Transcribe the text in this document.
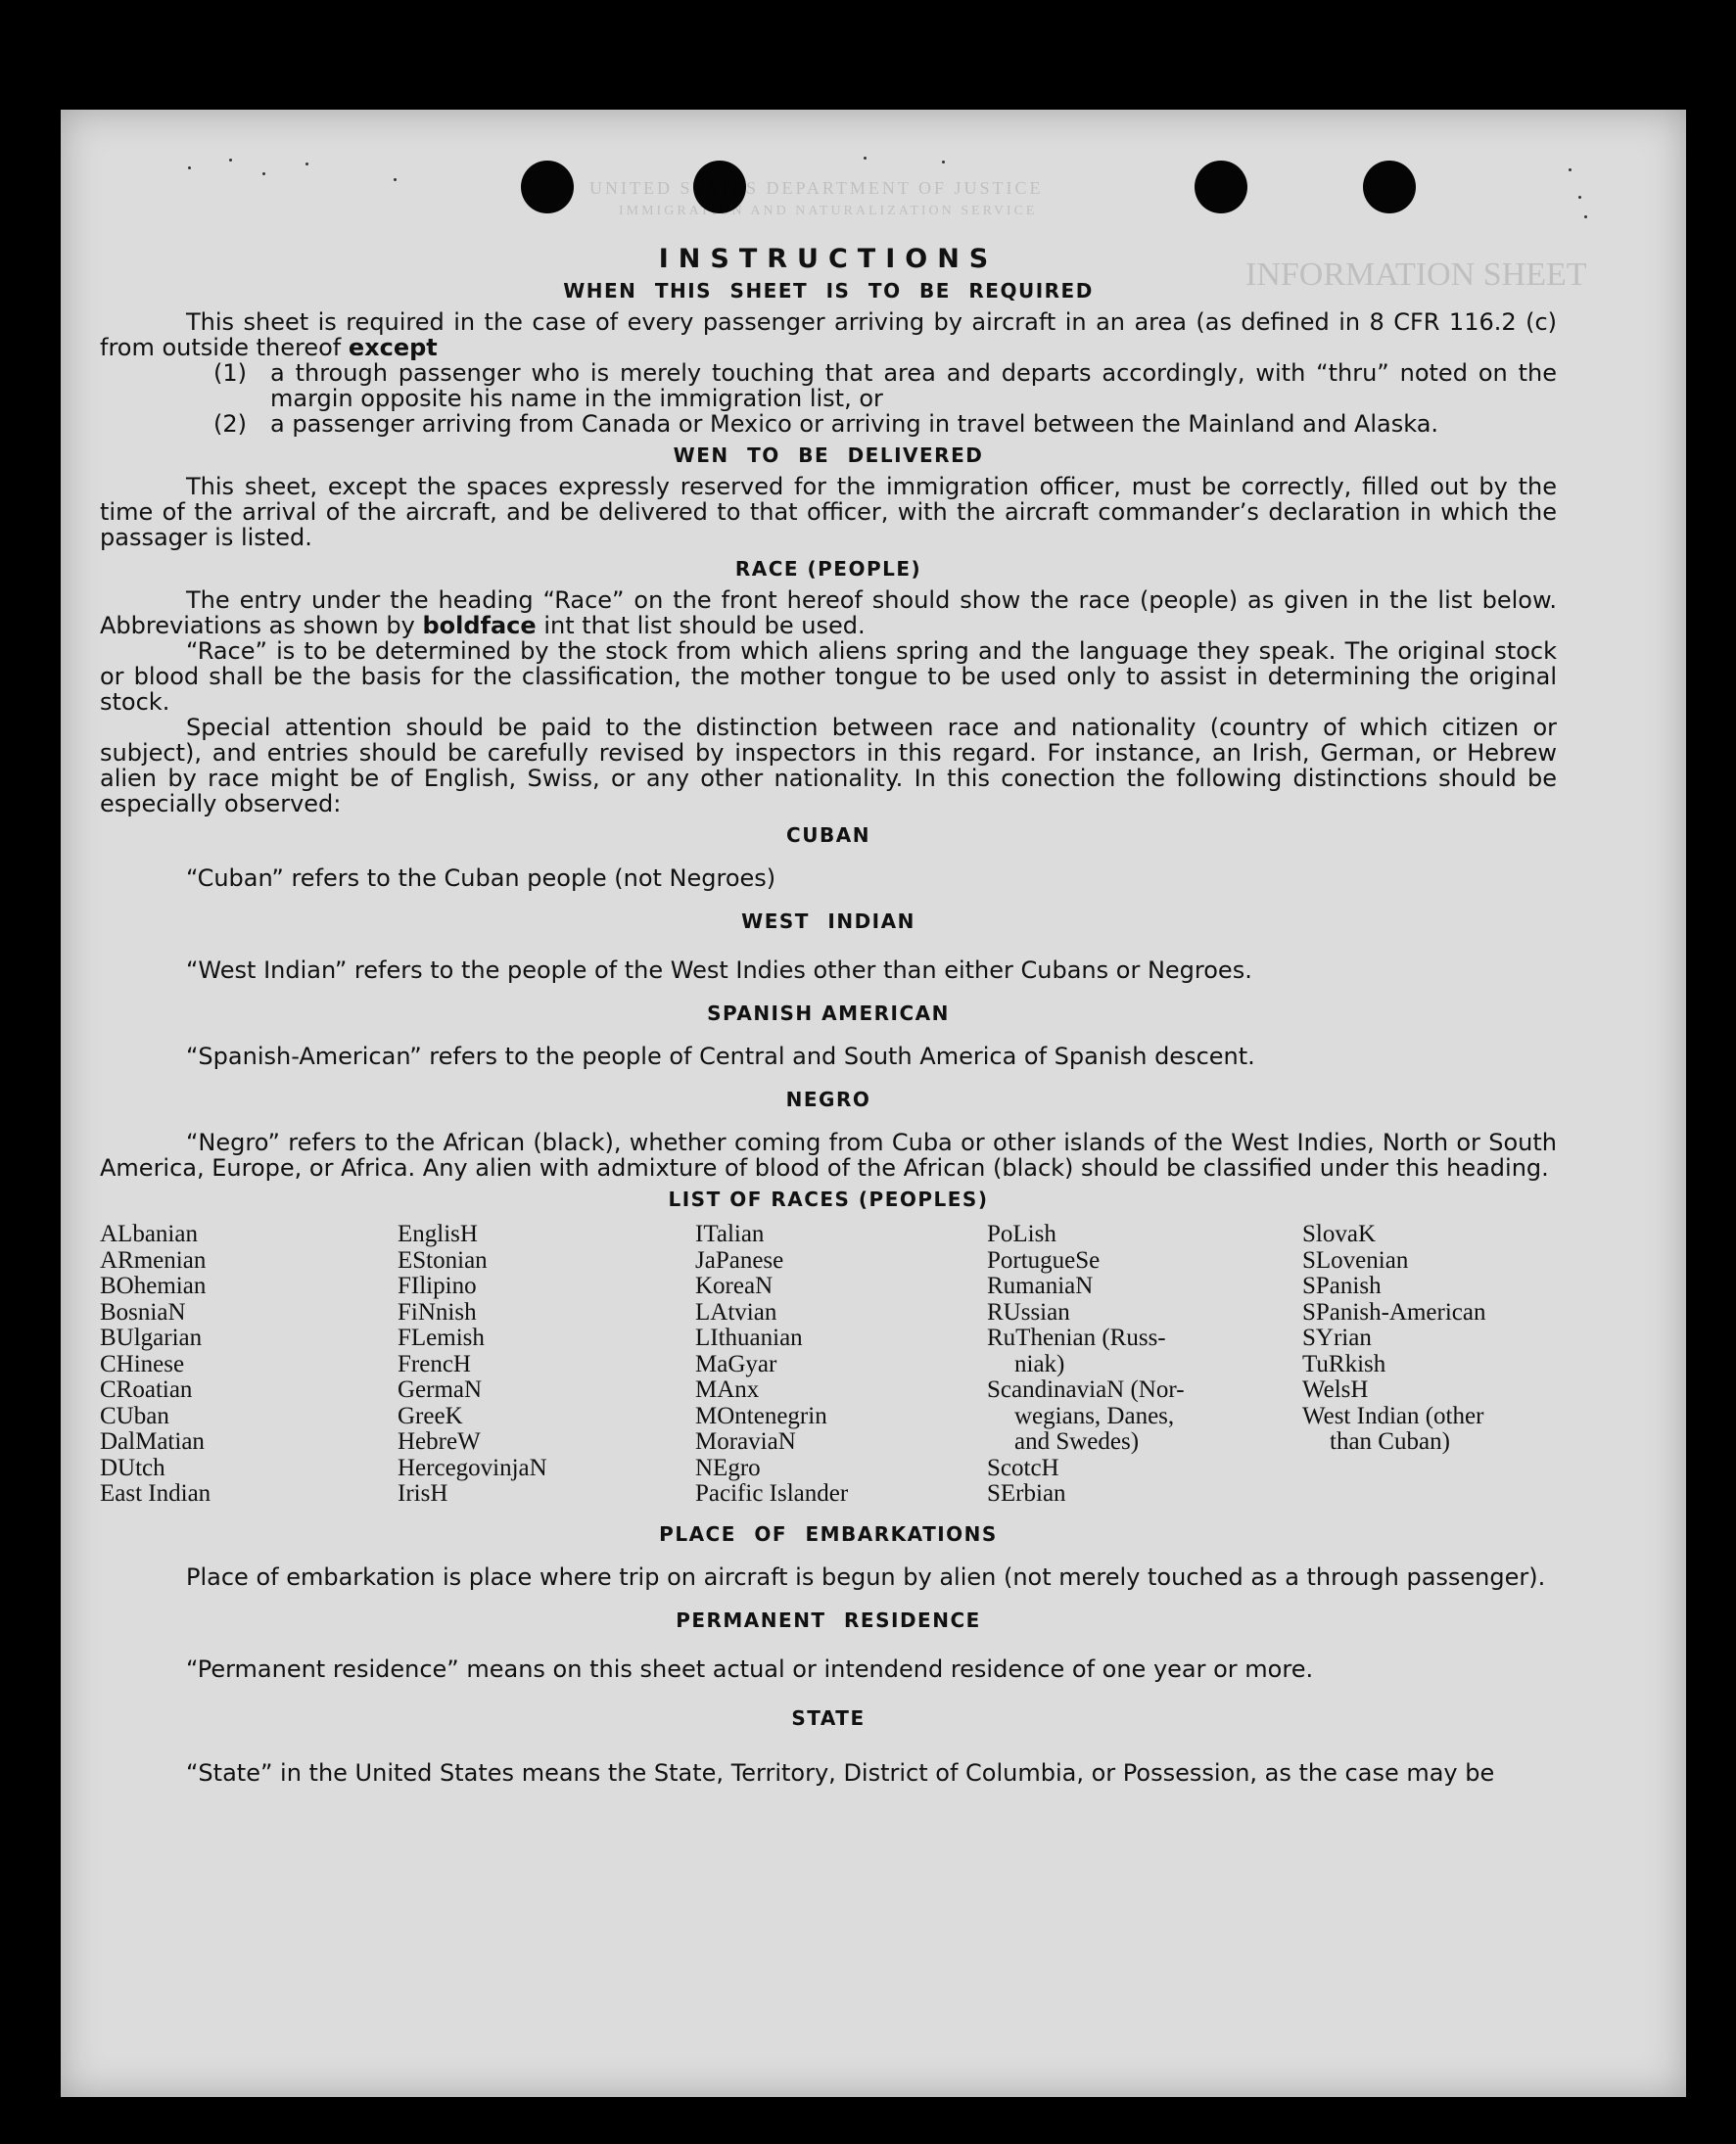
UNITED STATES DEPARTMENT OF JUSTICE
IMMIGRATION AND NATURALIZATION SERVICE
INFORMATION SHEET
INSTRUCTIONS
WHEN THIS SHEET IS TO BE REQUIRED

This sheet is required in the case of every passenger arriving by aircraft in an area (as defined in 8 CFR 116.2 (c) from outside thereof except

(1)	a through passenger who is merely touching that area and departs accordingly, with “thru” noted on the margin opposite his name in the immigration list, or
(2)	a passenger arriving from Canada or Mexico or arriving in travel between the Mainland and Alaska.
WEN TO BE DELIVERED

This sheet, except the spaces expressly reserved for the immigration officer, must be correctly, filled out by the time of the arrival of the aircraft, and be delivered to that officer, with the aircraft commander’s declaration in which the passager is listed.

RACE (PEOPLE)

The entry under the heading “Race” on the front hereof should show the race (people) as given in the list below. Abbreviations as shown by boldface int that list should be used.

“Race” is to be determined by the stock from which aliens spring and the language they speak. The original stock or blood shall be the basis for the classification, the mother tongue to be used only to assist in determining the original stock.

Special attention should be paid to the distinction between race and nationality (country of which citizen or subject), and entries should be carefully revised by inspectors in this regard. For instance, an Irish, German, or Hebrew alien by race might be of English, Swiss, or any other nationality. In this conection the following distinctions should be especially observed:

CUBAN

“Cuban” refers to the Cuban people (not Negroes)

WEST INDIAN

“West Indian” refers to the people of the West Indies other than either Cubans or Negroes.

SPANISH AMERICAN

“Spanish-American” refers to the people of Central and South America of Spanish descent.

NEGRO

“Negro” refers to the African (black), whether coming from Cuba or other islands of the West Indies, North or South America, Europe, or Africa. Any alien with admixture of blood of the African (black) should be classified under this heading.

LIST OF RACES (PEOPLES)
ALbanian
ARmenian
BOhemian
BosniaN
BUlgarian
CHinese
CRoatian
CUban
DalMatian
DUtch
East Indian
EnglisH
EStonian
FIlipino
FiNnish
FLemish
FrencH
GermaN
GreeK
HebreW
HercegovinjaN
IrisH
ITalian
JaPanese
KoreaN
LAtvian
LIthuanian
MaGyar
MAnx
MOntenegrin
MoraviaN
NEgro
Pacific Islander
PoLish
PortugueSe
RumaniaN
RUssian
RuThenian (Russ-
niak)
ScandinaviaN (Nor-
wegians, Danes,
and Swedes)
ScotcH
SErbian
SlovaK
SLovenian
SPanish
SPanish-American
SYrian
TuRkish
WelsH
West Indian (other
than Cuban)
PLACE OF EMBARKATIONS

Place of embarkation is place where trip on aircraft is begun by alien (not merely touched as a through passenger).

PERMANENT RESIDENCE

“Permanent residence” means on this sheet actual or intendend residence of one year or more.

STATE

“State” in the United States means the State, Territory, District of Columbia, or Possession, as the case may be
